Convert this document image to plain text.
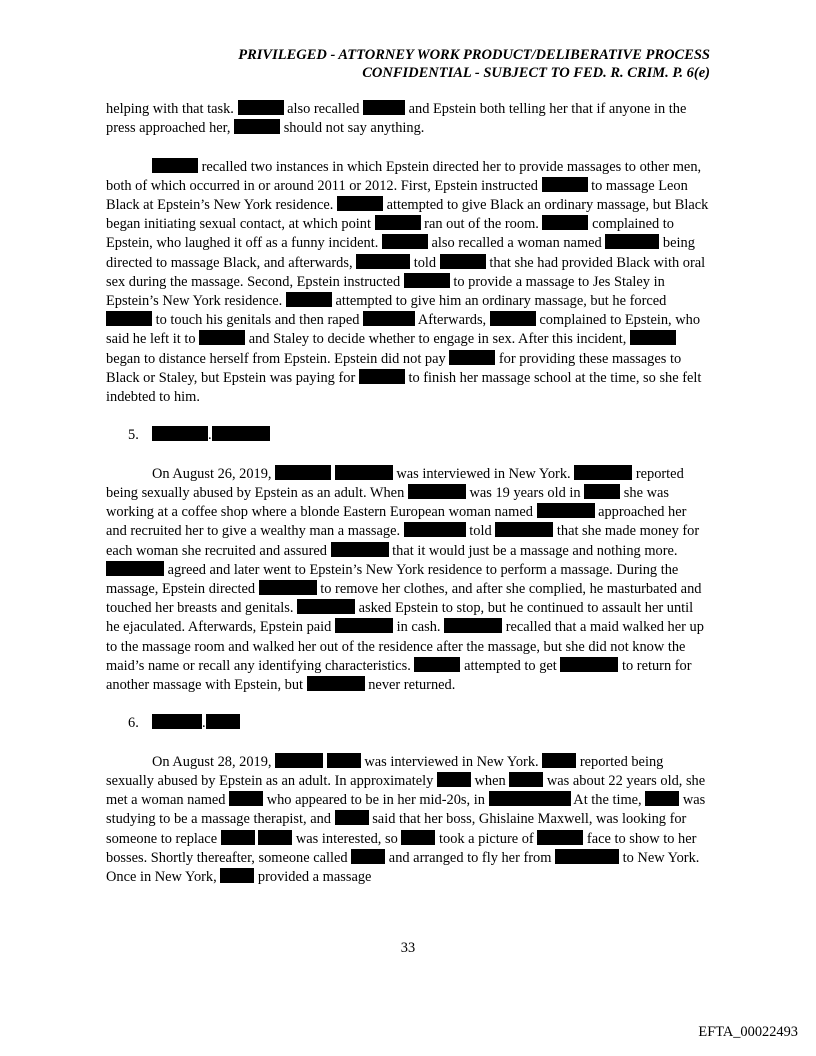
PRIVILEGED - ATTORNEY WORK PRODUCT/DELIBERATIVE PROCESS
CONFIDENTIAL - SUBJECT TO FED. R. CRIM. P. 6(e)

helping with that task.	also recalled	and Epstein both telling her that if anyone in the press approached her,	should not say anything.

recalled two instances in which Epstein directed her to provide massages to other men, both of which occurred in or around 2011 or 2012. First, Epstein instructed	to massage Leon Black at Epstein’s New York residence.	attempted to give Black an ordinary massage, but Black began initiating sexual contact, at which point	ran out of the room.	complained to Epstein, who laughed it off as a funny incident.	also recalled a woman named	being directed to massage Black, and afterwards,	told	that she had provided Black with oral sex during the massage. Second, Epstein instructed	to provide a massage to Jes Staley in Epstein’s New York residence.	attempted to give him an ordinary massage, but he forced  to touch his genitals and then raped	Afterwards,	complained to Epstein, who said he left it to	and Staley to decide whether to engage in sex. After this incident,  began to distance herself from Epstein. Epstein did not pay	for providing these massages to Black or Staley, but Epstein was paying for	to finish her massage school at the time, so she felt indebted to him.

5.	.

On August 26, 2019,	was interviewed in New York.	reported being sexually abused by Epstein as an adult. When	was 19 years old in	she was working at a coffee shop where a blonde Eastern European woman named	approached her and recruited her to give a wealthy man a massage.	told	that she made money for each woman she recruited and assured	that it would just be a massage and nothing more.  agreed and later went to Epstein’s New York residence to perform a massage. During the massage, Epstein directed	to remove her clothes, and after she complied, he masturbated and touched her breasts and genitals.	asked Epstein to stop, but he continued to assault her until he ejaculated. Afterwards, Epstein paid	in cash.	recalled that a maid walked her up to the massage room and walked her out of the residence after the massage, but she did not know the maid’s name or recall any identifying characteristics.	attempted to get	to return for another massage with Epstein, but	never returned.

6.	.

On August 28, 2019,	was interviewed in New York.  reported being sexually abused by Epstein as an adult. In approximately  when  was about 22 years old, she met a woman named  who appeared to be in her mid-20s, in	At the time,  was studying to be a massage therapist, and  said that her boss, Ghislaine Maxwell, was looking for someone to replace	was interested, so  took a picture of	face to show to her bosses. Shortly thereafter, someone called  and arranged to fly her from	to New York. Once in New York,  provided a massage

33
EFTA_00022493
